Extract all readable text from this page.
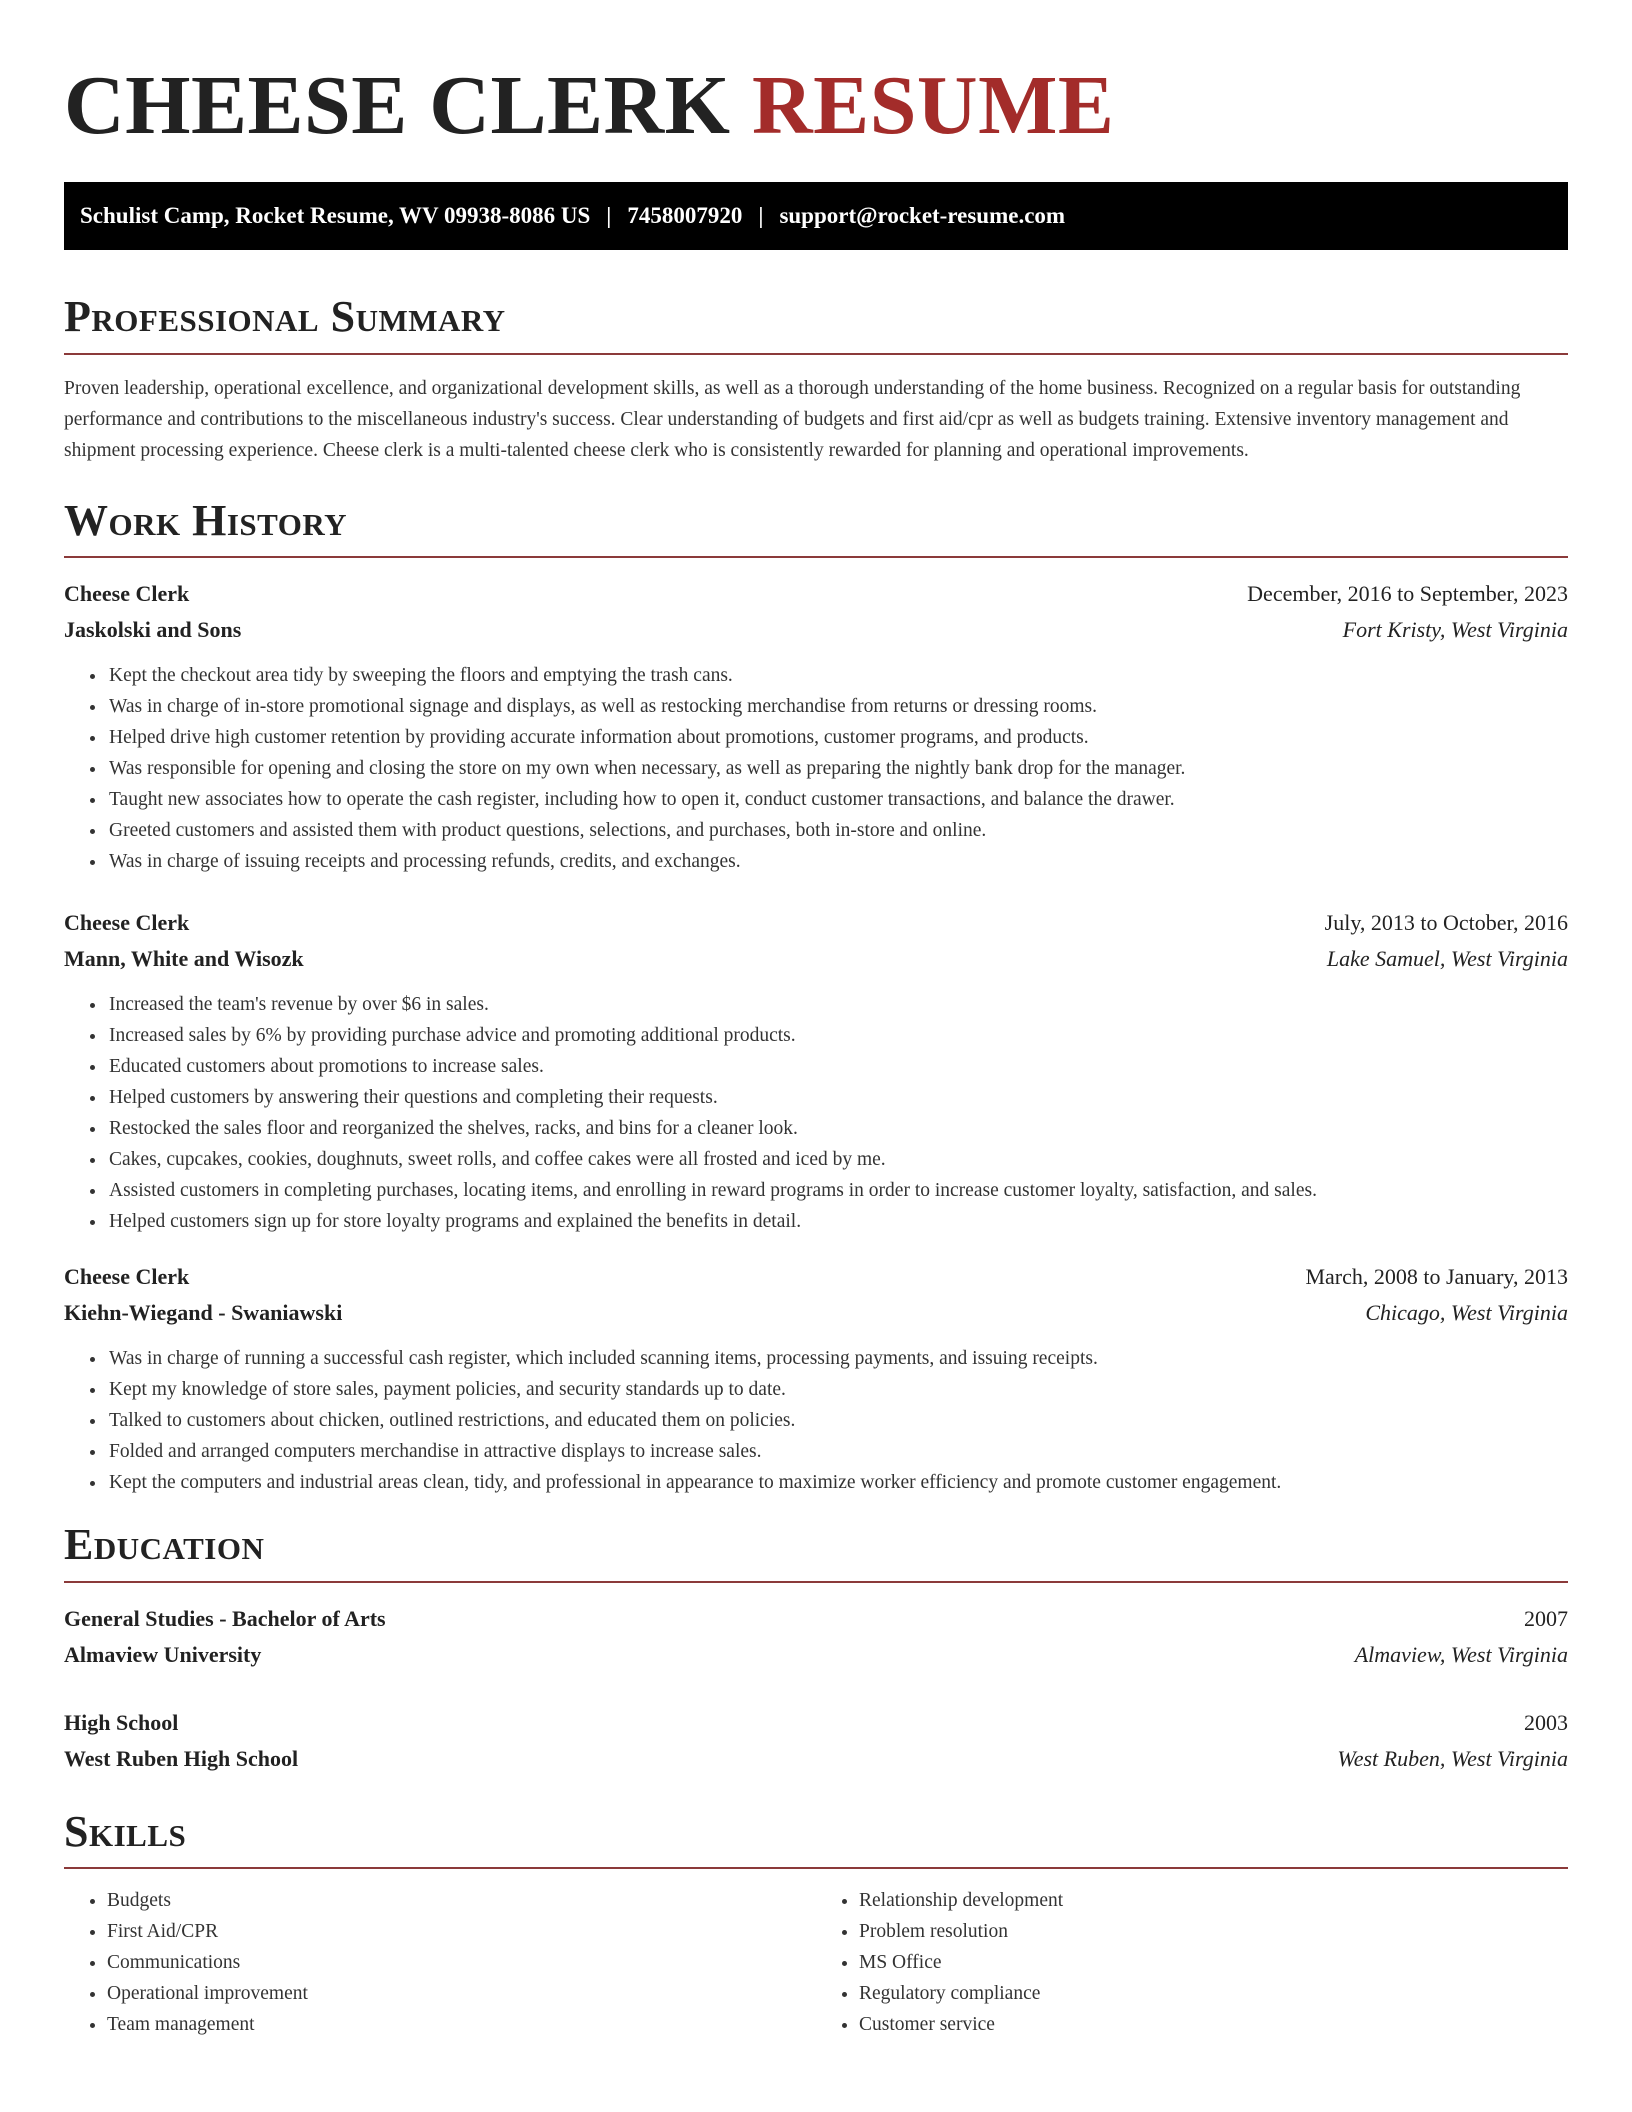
CHEESE CLERK RESUME
Schulist Camp, Rocket Resume, WV 09938-8086 US | 7458007920 | support@rocket-resume.com
Professional Summary

Proven leadership, operational excellence, and organizational development skills, as well as a thorough understanding of the home business. Recognized on a regular basis for outstanding performance and contributions to the miscellaneous industry's success. Clear understanding of budgets and first aid/cpr as well as budgets training. Extensive inventory management and shipment processing experience. Cheese clerk is a multi-talented cheese clerk who is consistently rewarded for planning and operational improvements.

Work History
Cheese Clerk	December, 2016 to September, 2023
Jaskolski and Sons	Fort Kristy, West Virginia
• Kept the checkout area tidy by sweeping the floors and emptying the trash cans.
• Was in charge of in-store promotional signage and displays, as well as restocking merchandise from returns or dressing rooms.
• Helped drive high customer retention by providing accurate information about promotions, customer programs, and products.
• Was responsible for opening and closing the store on my own when necessary, as well as preparing the nightly bank drop for the manager.
• Taught new associates how to operate the cash register, including how to open it, conduct customer transactions, and balance the drawer.
• Greeted customers and assisted them with product questions, selections, and purchases, both in-store and online.
• Was in charge of issuing receipts and processing refunds, credits, and exchanges.
Cheese Clerk	July, 2013 to October, 2016
Mann, White and Wisozk	Lake Samuel, West Virginia
• Increased the team's revenue by over $6 in sales.
• Increased sales by 6% by providing purchase advice and promoting additional products.
• Educated customers about promotions to increase sales.
• Helped customers by answering their questions and completing their requests.
• Restocked the sales floor and reorganized the shelves, racks, and bins for a cleaner look.
• Cakes, cupcakes, cookies, doughnuts, sweet rolls, and coffee cakes were all frosted and iced by me.
• Assisted customers in completing purchases, locating items, and enrolling in reward programs in order to increase customer loyalty, satisfaction, and sales.
• Helped customers sign up for store loyalty programs and explained the benefits in detail.
Cheese Clerk	March, 2008 to January, 2013
Kiehn-Wiegand - Swaniawski	Chicago, West Virginia
• Was in charge of running a successful cash register, which included scanning items, processing payments, and issuing receipts.
• Kept my knowledge of store sales, payment policies, and security standards up to date.
• Talked to customers about chicken, outlined restrictions, and educated them on policies.
• Folded and arranged computers merchandise in attractive displays to increase sales.
• Kept the computers and industrial areas clean, tidy, and professional in appearance to maximize worker efficiency and promote customer engagement.
Education
General Studies - Bachelor of Arts	2007
Almaview University	Almaview, West Virginia
High School	2003
West Ruben High School	West Ruben, West Virginia
Skills
• Budgets
• First Aid/CPR
• Communications
• Operational improvement
• Team management
• Relationship development
• Problem resolution
• MS Office
• Regulatory compliance
• Customer service
